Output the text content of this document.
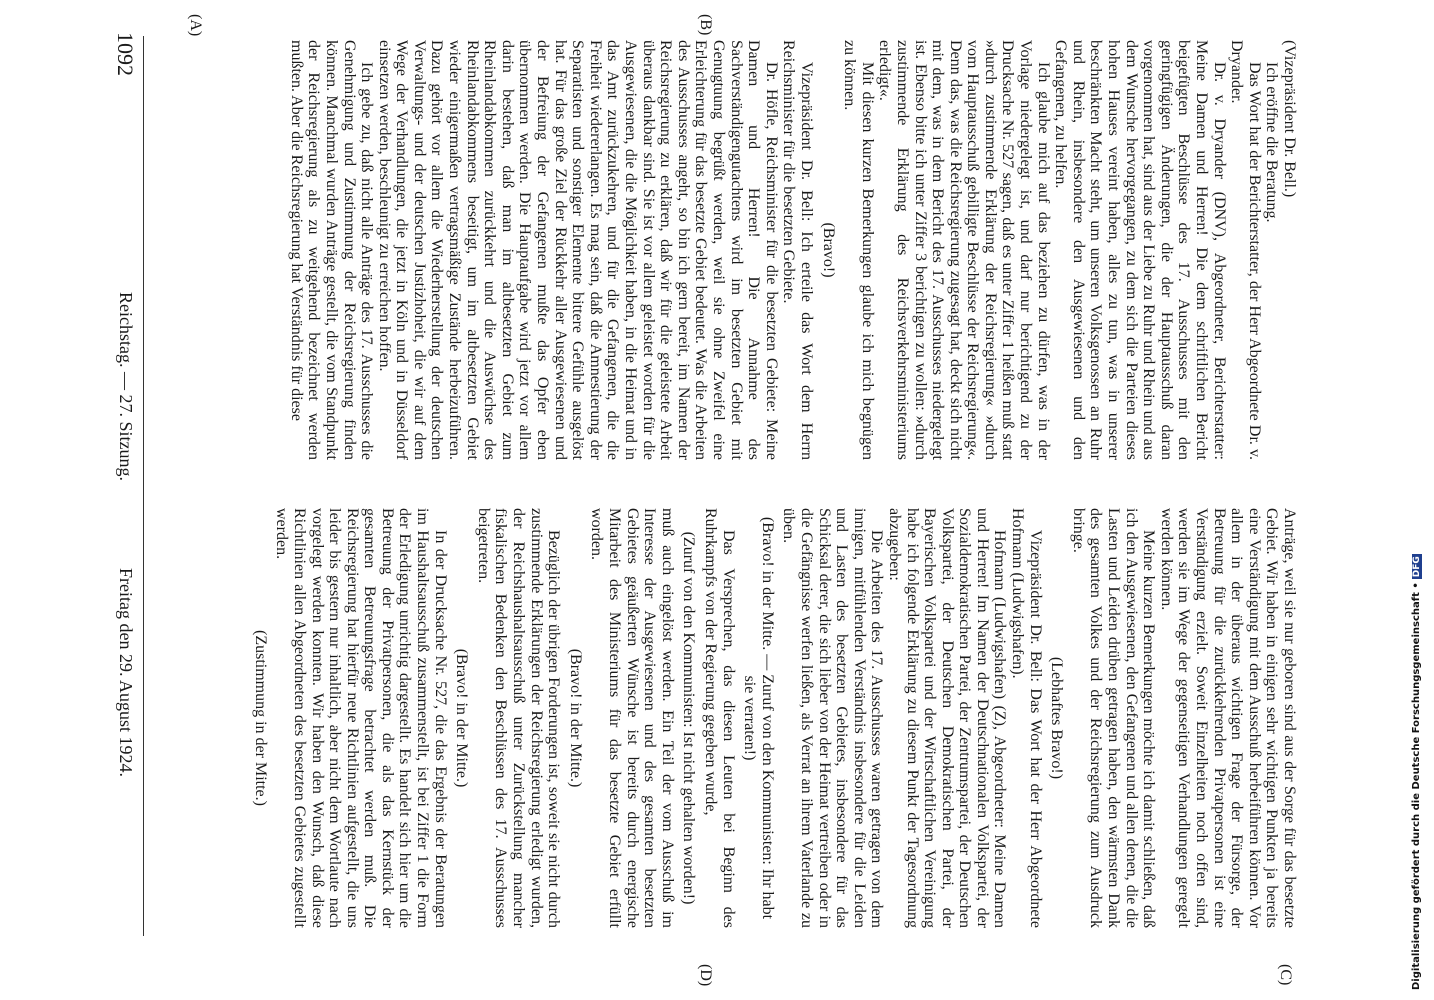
1092
Reichstag. — 27. Sitzung.
Freitag den 29. August 1924.
(A)	(B)
(C)
(D)

(Vizepräsident Dr. Bell.)

Ich eröffne die Beratung.

Das Wort hat der Berichterstatter, der Herr Abgeordnete Dr. v. Dryander.

Dr. v. Dryander (DNV), Abgeordneter, Berichterstatter: Meine Damen und Herren! Die dem schriftlichen Bericht beigefügten Beschlüsse des 17. Ausschusses mit den geringfügigen Änderungen, die der Hauptausschuß daran vorgenommen hat, sind aus der Liebe zu Ruhr und Rhein und aus dem Wunsche hervorgegangen, zu dem sich die Parteien dieses hohen Hauses vereint haben, alles zu tun, was in unserer beschränkten Macht steht, um unseren Volksgenossen an Ruhr und Rhein, insbesondere den Ausgewiesenen und den Gefangenen, zu helfen.

Ich glaube mich auf das beziehen zu dürfen, was in der Vorlage niedergelegt ist, und darf nur berichtigend zu der Drucksache Nr. 527 sagen, daß es unter Ziffer 1 heißen muß statt »durch zustimmende Erklärung der Reichsregierung« »durch vom Hauptausschuß gebilligte Beschlüsse der Reichsregierung«. Denn das, was die Reichsregierung zugesagt hat, deckt sich nicht mit dem, was in dem Bericht des 17. Ausschusses niedergelegt ist. Ebenso bitte ich unter Ziffer 3 berichtigen zu wollen: »durch zustimmende Erklärung des Reichsverkehrsministeriums erledigt«.

Mit diesen kurzen Bemerkungen glaube ich mich begnügen zu können.

(Bravo!)

Vizepräsident Dr. Bell: Ich erteile das Wort dem Herrn Reichsminister für die besetzten Gebiete.

Dr. Höfle, Reichsminister für die besetzten Gebiete: Meine Damen und Herren! Die Annahme des Sachverständigengutachtens wird im besetzten Gebiet mit Genugtuung begrüßt werden, weil sie ohne Zweifel eine Erleichterung für das besetzte Gebiet bedeutet. Was die Arbeiten des Ausschusses angeht, so bin ich gern bereit, im Namen der Reichsregierung zu erklären, daß wir für die geleistete Arbeit überaus dankbar sind. Sie ist vor allem geleistet worden für die Ausgewiesenen, die die Möglichkeit haben, in die Heimat und in das Amt zurückzukehren, und für die Gefangenen, die die Freiheit wiedererlangen. Es mag sein, daß die Amnestierung der Separatisten und sonstiger Elemente bittere Gefühle ausgelöst hat. Für das große Ziel der Rückkehr aller Ausgewiesenen und der Befreiung der Gefangenen mußte das Opfer eben übernommen werden. Die Hauptaufgabe wird jetzt vor allem darin bestehen, daß man im altbesetzten Gebiet zum Rheinlandabkommen zurückkehrt und die Auswüchse des Rheinlandabkommens beseitigt, um im altbesetzten Gebiet wieder einigermaßen vertragsmäßige Zustände herbeizuführen. Dazu gehört vor allem die Wiederherstellung der deutschen Verwaltungs- und der deutschen Justizhoheit, die wir auf dem Wege der Verhandlungen, die jetzt in Köln und in Düsseldorf einsetzen werden, beschleunigt zu erreichen hoffen.

Ich gebe zu, daß nicht alle Anträge des 17. Ausschusses die Genehmigung und Zustimmung der Reichsregierung finden können. Manchmal wurden Anträge gestellt, die vom Standpunkt der Reichsregierung als zu weitgehend bezeichnet werden mußten. Aber die Reichsregierung hat Verständnis für diese

Anträge, weil sie nur geboren sind aus der Sorge für das besetzte Gebiet. Wir haben in einigen sehr wichtigen Punkten ja bereits eine Verständigung mit dem Ausschuß herbeiführen können. Vor allem in der überaus wichtigen Frage der Fürsorge, der Betreuung für die zurückkehrenden Privatpersonen ist eine Verständigung erzielt. Soweit Einzelheiten noch offen sind, werden sie im Wege der gegenseitigen Verhandlungen geregelt werden können.

Meine kurzen Bemerkungen möchte ich damit schließen, daß ich den Ausgewiesenen, den Gefangenen und allen denen, die die Lasten und Leiden drüben getragen haben, den wärmsten Dank des gesamten Volkes und der Reichsregierung zum Ausdruck bringe.

(Lebhaftes Bravo!)

Vizepräsident Dr. Bell: Das Wort hat der Herr Abgeordnete Hofmann (Ludwigshafen).

Hofmann (Ludwigshafen) (Z), Abgeordneter: Meine Damen und Herren! Im Namen der Deutschnationalen Volkspartei, der Sozialdemokratischen Partei, der Zentrumspartei, der Deutschen Volkspartei, der Deutschen Demokratischen Partei, der Bayerischen Volkspartei und der Wirtschaftlichen Vereinigung habe ich folgende Erklärung zu diesem Punkt der Tagesordnung abzugeben:

Die Arbeiten des 17. Ausschusses waren getragen von dem innigen, mitfühlenden Verständnis insbesondere für die Leiden und Lasten des besetzten Gebietes, insbesondere für das Schicksal derer, die sich lieber von der Heimat vertreiben oder in die Gefängnisse werfen ließen, als Verrat an ihrem Vaterlande zu üben.

(Bravo! in der Mitte. — Zuruf von den Kommunisten: Ihr habt sie verraten!)

Das Versprechen, das diesen Leuten bei Beginn des Ruhrkampfs von der Regierung gegeben wurde,

(Zuruf von den Kommunisten: Ist nicht gehalten worden!)

muß auch eingelöst werden. Ein Teil der vom Ausschuß im Interesse der Ausgewiesenen und des gesamten besetzten Gebietes geäußerten Wünsche ist bereits durch energische Mitarbeit des Ministeriums für das besetzte Gebiet erfüllt worden.

(Bravo! in der Mitte.)

Bezüglich der übrigen Forderungen ist, soweit sie nicht durch zustimmende Erklärungen der Reichsregierung erledigt wurden, der Reichshaushaltsausschuß unter Zurückstellung mancher fiskalischen Bedenken den Beschlüssen des 17. Ausschusses beigetreten.

(Bravo! in der Mitte.)

In der Drucksache Nr. 527, die das Ergebnis der Beratungen im Haushaltsausschuß zusammenstellt, ist bei Ziffer 1 die Form der Erledigung unrichtig dargestellt. Es handelt sich hier um die Betreuung der Privatpersonen, die als das Kernstück der gesamten Betreuungsfrage betrachtet werden muß. Die Reichsregierung hat hierfür neue Richtlinien aufgestellt, die uns leider bis gestern nur inhaltlich, aber nicht dem Wortlaute nach vorgelegt werden konnten. Wir haben den Wunsch, daß diese Richtlinien allen Abgeordneten des besetzten Gebietes zugestellt werden.

(Zustimmung in der Mitte.)	Digitalisierung gefördert durch die Deutsche Forschungsgemeinschaft •DFG
